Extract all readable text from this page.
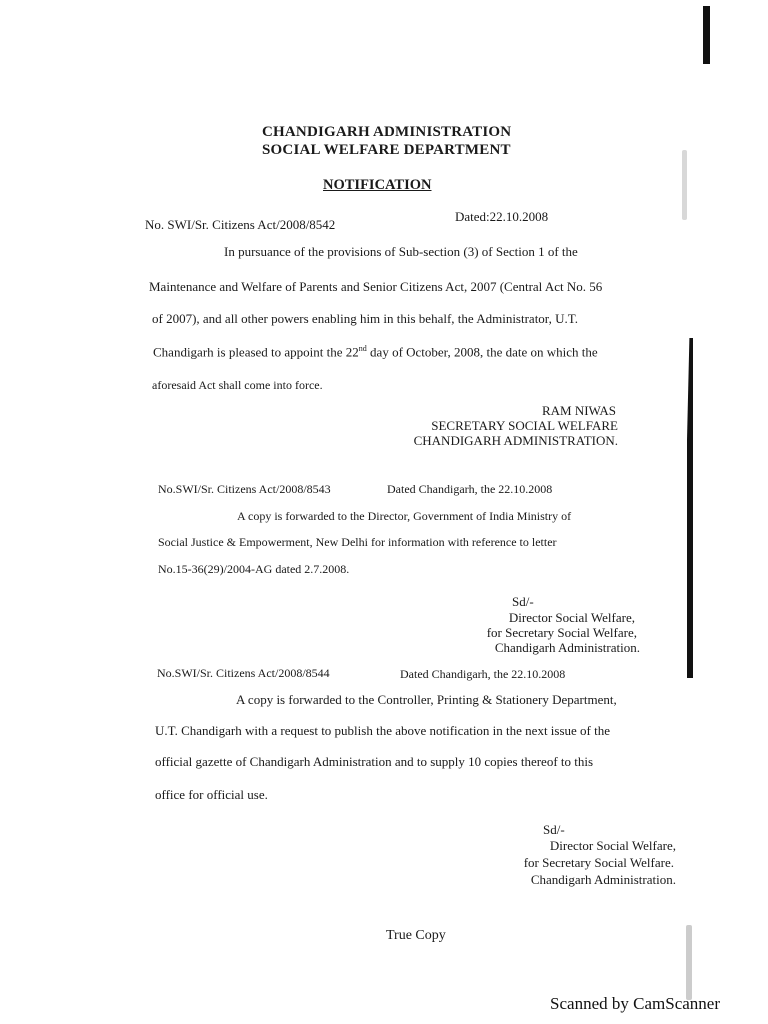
CHANDIGARH ADMINISTRATION
SOCIAL WELFARE DEPARTMENT
NOTIFICATION
No. SWI/Sr. Citizens Act/2008/8542
Dated:22.10.2008
In pursuance of the provisions of Sub-section (3) of Section 1 of the
Maintenance and Welfare of Parents and Senior Citizens Act, 2007 (Central Act No. 56
of 2007), and all other powers enabling him in this behalf, the Administrator, U.T.
Chandigarh is pleased to appoint the 22nd day of October, 2008, the date on which the
aforesaid Act shall come into force.
RAM NIWAS
SECRETARY SOCIAL WELFARE
CHANDIGARH ADMINISTRATION.
No.SWI/Sr. Citizens Act/2008/8543	Dated Chandigarh, the 22.10.2008
A copy is forwarded to the Director, Government of India Ministry of
Social Justice & Empowerment, New Delhi for information with reference to letter
No.15-36(29)/2004-AG dated 2.7.2008.
Sd/-
Director Social Welfare,
for Secretary Social Welfare,
Chandigarh Administration.
No.SWI/Sr. Citizens Act/2008/8544	Dated Chandigarh, the 22.10.2008
A copy is forwarded to the Controller, Printing & Stationery Department,
U.T. Chandigarh with a request to publish the above notification in the next issue of the
official gazette of Chandigarh Administration and to supply 10 copies thereof to this
office for official use.
Sd/-
Director Social Welfare,
for Secretary Social Welfare.
Chandigarh Administration.
True Copy
Scanned by CamScanner
